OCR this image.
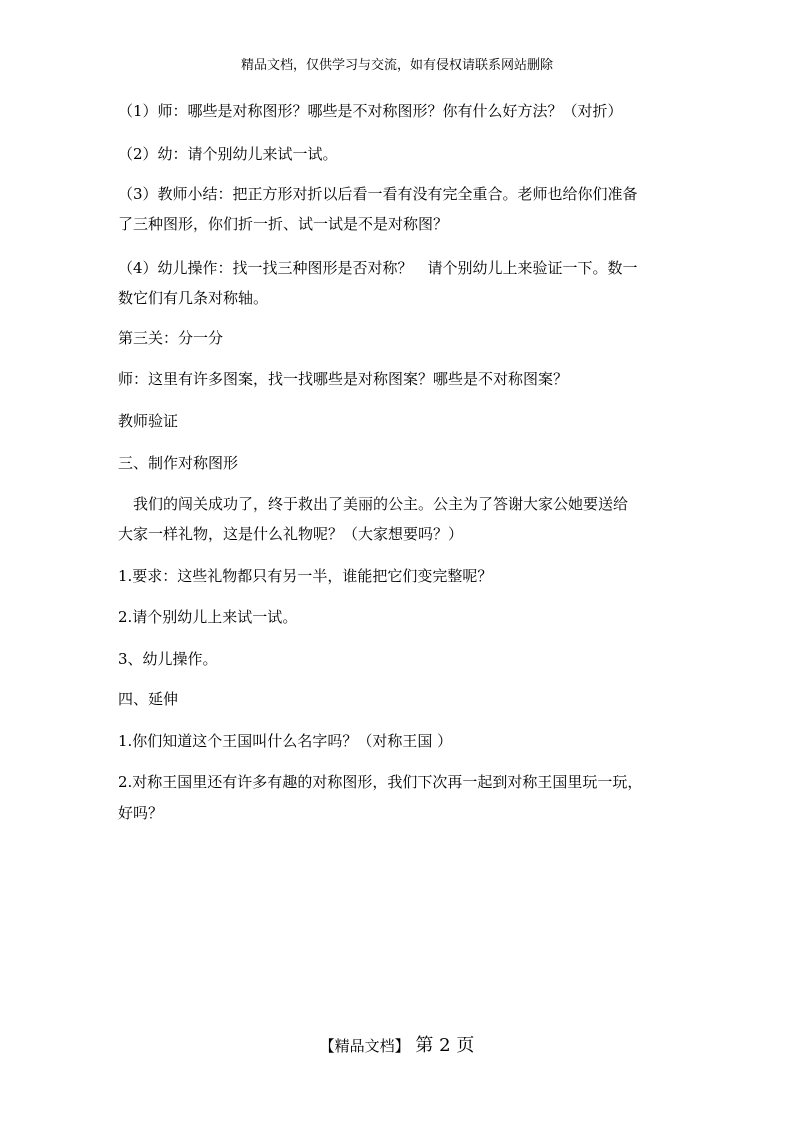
精品文档，仅供学习与交流，如有侵权请联系网站删除
（1）师：哪些是对称图形？哪些是不对称图形？你有什么好方法？（对折）
（2）幼：请个别幼儿来试一试。
（3）教师小结：把正方形对折以后看一看有没有完全重合。老师也给你们准备
了三种图形，你们折一折、试一试是不是对称图？
（4）幼儿操作：找一找三种图形是否对称？　请个别幼儿上来验证一下。数一
数它们有几条对称轴。
第三关：分一分
师：这里有许多图案，找一找哪些是对称图案？哪些是不对称图案？
教师验证
三、制作对称图形
　我们的闯关成功了，终于救出了美丽的公主。公主为了答谢大家公她要送给
大家一样礼物，这是什么礼物呢？（大家想要吗？）
1.要求：这些礼物都只有另一半，谁能把它们变完整呢？
2.请个别幼儿上来试一试。
3、幼儿操作。
四、延伸
1.你们知道这个王国叫什么名字吗？（对称王国 ）
2.对称王国里还有许多有趣的对称图形，我们下次再一起到对称王国里玩一玩，
好吗？
【精品文档】 第 2 页
